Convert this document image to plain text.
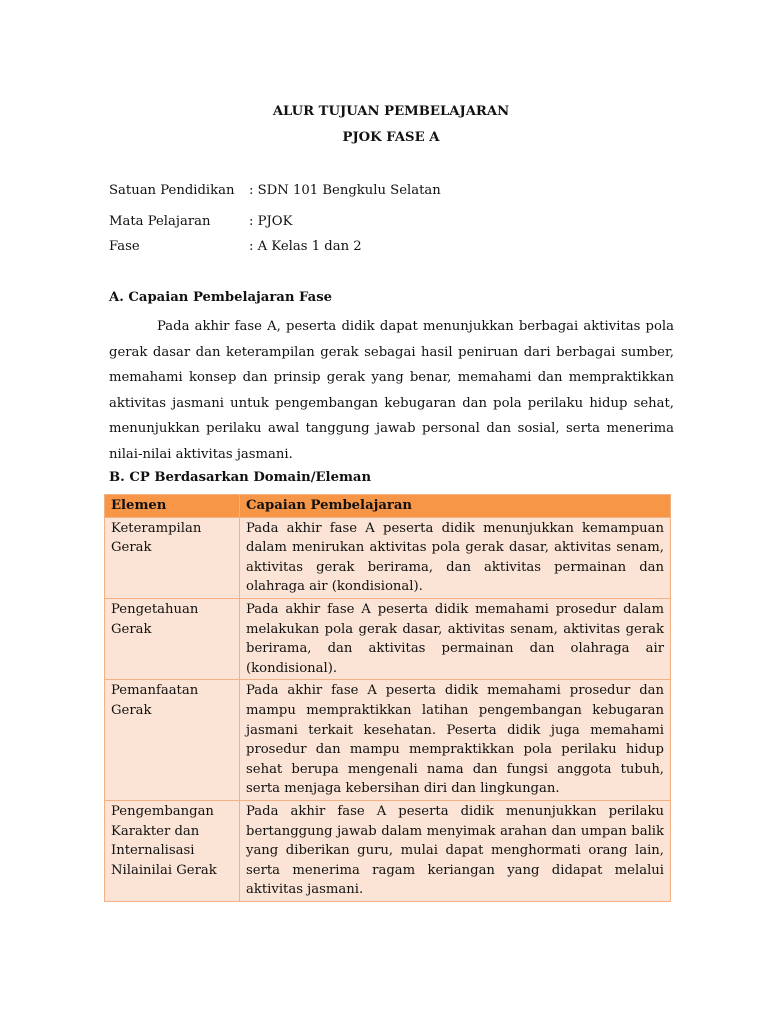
ALUR TUJUAN PEMBELAJARAN
PJOK FASE A
Satuan Pendidikan : SDN 101 Bengkulu Selatan
Mata Pelajaran	: PJOK
Fase	: A Kelas 1 dan 2
A. Capaian Pembelajaran Fase

Pada akhir fase A, peserta didik dapat menunjukkan berbagai aktivitas pola gerak dasar dan keterampilan gerak sebagai hasil peniruan dari berbagai sumber, memahami konsep dan prinsip gerak yang benar, memahami dan mempraktikkan aktivitas jasmani untuk pengembangan kebugaran dan pola perilaku hidup sehat, menunjukkan perilaku awal tanggung jawab personal dan sosial, serta menerima nilai-nilai aktivitas jasmani.

B. CP Berdasarkan Domain/Eleman
Elemen	Capaian Pembelajaran
Keterampilan Gerak	Pada akhir fase A peserta didik menunjukkan kemampuan dalam menirukan aktivitas pola gerak dasar, aktivitas senam, aktivitas gerak berirama, dan aktivitas permainan dan olahraga air (kondisional).
Pengetahuan Gerak	Pada akhir fase A peserta didik memahami prosedur dalam melakukan pola gerak dasar, aktivitas senam, aktivitas gerak berirama, dan aktivitas permainan dan olahraga air (kondisional).
Pemanfaatan Gerak	Pada akhir fase A peserta didik memahami prosedur dan mampu mempraktikkan latihan pengembangan kebugaran jasmani terkait kesehatan. Peserta didik juga memahami prosedur dan mampu mempraktikkan pola perilaku hidup sehat berupa mengenali nama dan fungsi anggota tubuh, serta menjaga kebersihan diri dan lingkungan.
Pengembangan Karakter dan Internalisasi Nilainilai Gerak	Pada akhir fase A peserta didik menunjukkan perilaku bertanggung jawab dalam menyimak arahan dan umpan balik yang diberikan guru, mulai dapat menghormati orang lain, serta menerima ragam keriangan yang didapat melalui aktivitas jasmani.
